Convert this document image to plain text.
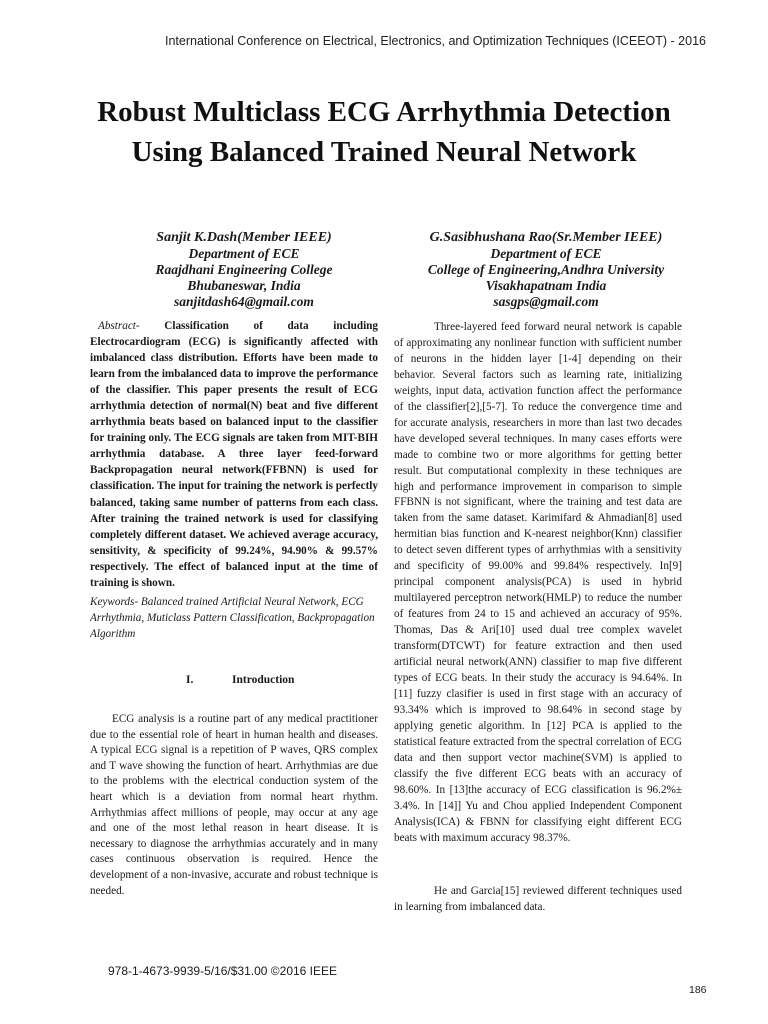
International Conference on Electrical, Electronics, and Optimization Techniques (ICEEOT) - 2016
Robust Multiclass ECG Arrhythmia Detection Using Balanced Trained Neural Network
Sanjit K.Dash(Member IEEE)
Department of ECE
Raajdhani Engineering College
Bhubaneswar, India
sanjitdash64@gmail.com
G.Sasibhushana Rao(Sr.Member IEEE)
Department of ECE
College of Engineering,Andhra University
Visakhapatnam India
sasgps@gmail.com
Abstract- Classification of data including Electrocardiogram (ECG) is significantly affected with imbalanced class distribution. Efforts have been made to learn from the imbalanced data to improve the performance of the classifier. This paper presents the result of ECG arrhythmia detection of normal(N) beat and five different arrhythmia beats based on balanced input to the classifier for training only. The ECG signals are taken from MIT-BIH arrhythmia database. A three layer feed-forward Backpropagation neural network(FFBNN) is used for classification. The input for training the network is perfectly balanced, taking same number of patterns from each class. After training the trained network is used for classifying completely different dataset. We achieved average accuracy, sensitivity, & specificity of 99.24%, 94.90% & 99.57% respectively. The effect of balanced input at the time of training is shown.
Keywords- Balanced trained Artificial Neural Network, ECG Arrhythmia, Muticlass Pattern Classification, Backpropagation Algorithm
I.	Introduction
ECG analysis is a routine part of any medical practitioner due to the essential role of heart in human health and diseases. A typical ECG signal is a repetition of P waves, QRS complex and T wave showing the function of heart. Arrhythmias are due to the problems with the electrical conduction system of the heart which is a deviation from normal heart rhythm. Arrhythmias affect millions of people, may occur at any age and one of the most lethal reason in heart disease. It is necessary to diagnose the arrhythmias accurately and in many cases continuous observation is required. Hence the development of a non-invasive, accurate and robust technique is needed.
Three-layered feed forward neural network is capable of approximating any nonlinear function with sufficient number of neurons in the hidden layer [1-4] depending on their behavior. Several factors such as learning rate, initializing weights, input data, activation function affect the performance of the classifier[2],[5-7]. To reduce the convergence time and for accurate analysis, researchers in more than last two decades have developed several techniques. In many cases efforts were made to combine two or more algorithms for getting better result. But computational complexity in these techniques are high and performance improvement in comparison to simple FFBNN is not significant, where the training and test data are taken from the same dataset. Karimifard & Ahmadian[8] used hermitian bias function and K-nearest neighbor(Knn) classifier to detect seven different types of arrhythmias with a sensitivity and specificity of 99.00% and 99.84% respectively. In[9] principal component analysis(PCA) is used in hybrid multilayered perceptron network(HMLP) to reduce the number of features from 24 to 15 and achieved an accuracy of 95%. Thomas, Das & Ari[10] used dual tree complex wavelet transform(DTCWT) for feature extraction and then used artificial neural network(ANN) classifier to map five different types of ECG beats. In their study the accuracy is 94.64%. In [11] fuzzy clasifier is used in first stage with an accuracy of 93.34% which is improved to 98.64% in second stage by applying genetic algorithm. In [12] PCA is applied to the statistical feature extracted from the spectral correlation of ECG data and then support vector machine(SVM) is applied to classify the five different ECG beats with an accuracy of 98.60%. In [13]the accuracy of ECG classification is 96.2%± 3.4%. In [14]] Yu and Chou applied Independent Component Analysis(ICA) & FBNN for classifying eight different ECG beats with maximum accuracy 98.37%.
He and Garcia[15] reviewed different techniques used in learning from imbalanced data.
978-1-4673-9939-5/16/$31.00 ©2016 IEEE
186
